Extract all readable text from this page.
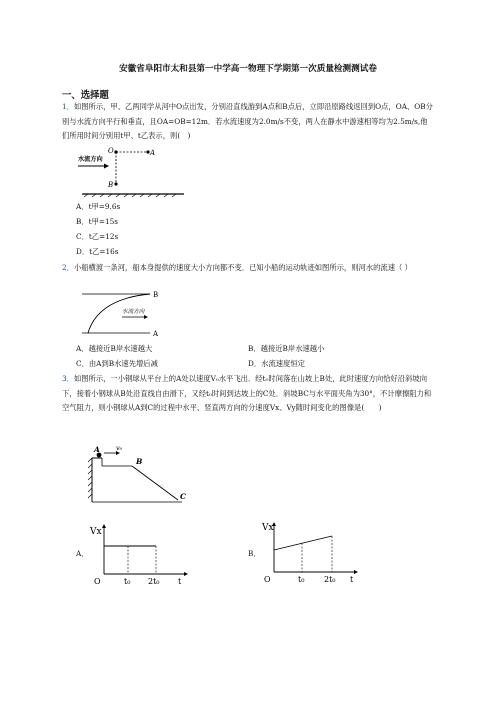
安徽省阜阳市太和县第一中学高一物理下学期第一次质量检测测试卷
一、选择题
1．如图所示，甲、乙两同学从河中O点出发，分别沿直线游到A点和B点后，立即沿原路线返回到O点，OA、OB分别与水流方向平行和垂直，且OA=OB=12m．若水流速度为2.0m/s不变，两人在静水中游速相等均为2.5m/s,他们所用时间分别用t甲、t乙表示，则(　)
O	A
B
水流方向
A．t甲=9.6s
B．t甲=15s
C．t乙=12s
D．t乙=16s
2．小船横渡一条河，船本身提供的速度大小方向都不变．已知小船的运动轨迹如图所示，则河水的流速（ ）
B
A
水流方向
A．越接近B岸水速越大	B．越接近B岸水速越小
C．由A到B水速先增后减	D．水流速度恒定
3．如图所示，一小钢球从平台上的A处以速度V₀水平飞出．经t₀时间落在山坡上B处，此时速度方向恰好沿斜坡向下，接着小钢球从B处沿直线自由滑下，又经t₀时间到达坡上的C处．斜坡BC与水平面夹角为30°，不计摩擦阻力和空气阻力，则小钢球从A到C的过程中水平、竖直两方向的分速度Vx、Vy随时间变化的图像是(　　)
A v₀
B
C
A．
Vx
O	t₀ 2t₀ t
B．
Vx
O	t₀ 2t₀ t
